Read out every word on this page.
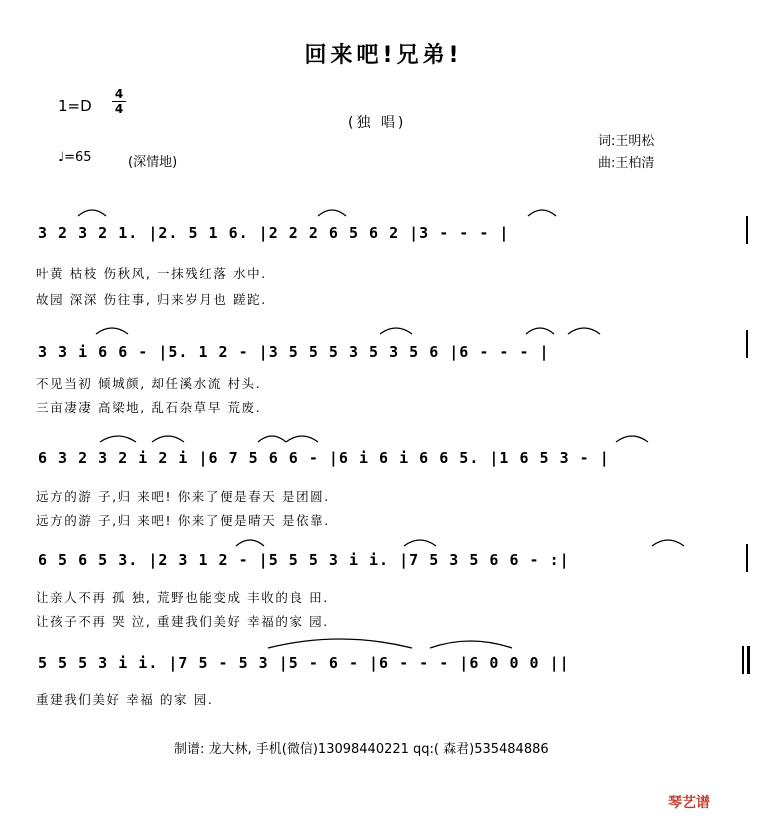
回来吧!兄弟!
1=D
4
4
(独 唱)
词:王明松
曲:王柏清
♩=65	(深情地)
3 2 3 2 1. |2. 5 1 6. |2 2 2 6 5 6 2 |3 - - - |
叶黄 枯枝 伤秋风, 一抹残红落 水中.
故园 深深 伤往事, 归来岁月也 蹉跎.
3 3 i 6 6 - |5. 1 2 - |3 5 5 5 3 5 3 5 6 |6 - - - |
不见当初 倾城颜, 却任溪水流 村头.
三亩凄凄 高梁地, 乱石杂草早 荒废.
6 3 2 3 2 i 2 i |6 7 5 6 6 - |6 i 6 i 6 6 5. |1 6 5 3 - |
远方的游 子,归 来吧! 你来了便是春天 是团圆.
远方的游 子,归 来吧! 你来了便是晴天 是依靠.
6 5 6 5 3. |2 3 1 2 - |5 5 5 3 i i. |7 5 3 5 6 6 - :|
让亲人不再 孤 独, 荒野也能变成 丰收的良 田.
让孩子不再 哭 泣, 重建我们美好 幸福的家 园.
5 5 5 3 i i. |7 5 - 5 3 |5 - 6 - |6 - - - |6 0 0 0 ||
重建我们美好 幸福 的家 园.
制谱: 龙大林, 手机(微信)13098440221 qq:( 森君)535484886
琴艺谱
